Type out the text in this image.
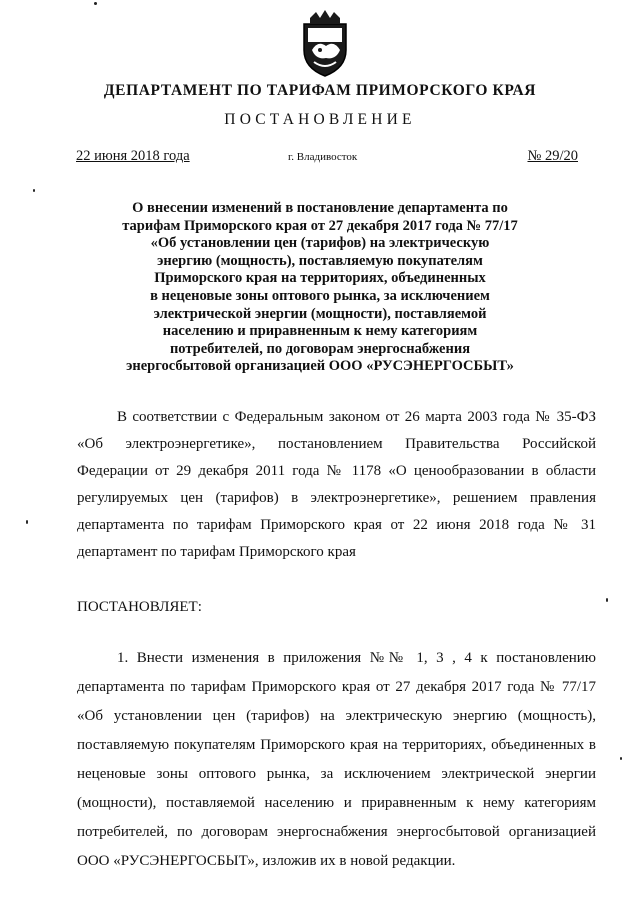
ДЕПАРТАМЕНТ ПО ТАРИФАМ ПРИМОРСКОГО КРАЯ
ПОСТАНОВЛЕНИЕ
22 июня 2018 года	г. Владивосток	№ 29/20
О внесении изменений в постановление департамента по
тарифам Приморского края от 27 декабря 2017 года № 77/17
«Об установлении цен (тарифов) на электрическую
энергию (мощность), поставляемую покупателям
Приморского края на территориях, объединенных
в неценовые зоны оптового рынка, за исключением
электрической энергии (мощности), поставляемой
населению и приравненным к нему категориям
потребителей, по договорам энергоснабжения
энергосбытовой организацией ООО «РУСЭНЕРГОСБЫТ»
В соответствии с Федеральным законом от 26 марта 2003 года № 35-ФЗ
«Об электроэнергетике», постановлением Правительства Российской
Федерации от 29 декабря 2011 года № 1178 «О ценообразовании в области
регулируемых цен (тарифов) в электроэнергетике», решением правления
департамента по тарифам Приморского края от 22 июня 2018 года № 31
департамент по тарифам Приморского края
ПОСТАНОВЛЯЕТ:
1. Внести изменения в приложения №№ 1, 3 , 4 к постановлению
департамента по тарифам Приморского края от 27 декабря 2017 года № 77/17
«Об установлении цен (тарифов) на электрическую энергию (мощность),
поставляемую покупателям Приморского края на территориях, объединенных в
неценовые зоны оптового рынка, за исключением электрической энергии
(мощности), поставляемой населению и приравненным к нему категориям
потребителей, по договорам энергоснабжения энергосбытовой организацией
ООО «РУСЭНЕРГОСБЫТ», изложив их в новой редакции.
